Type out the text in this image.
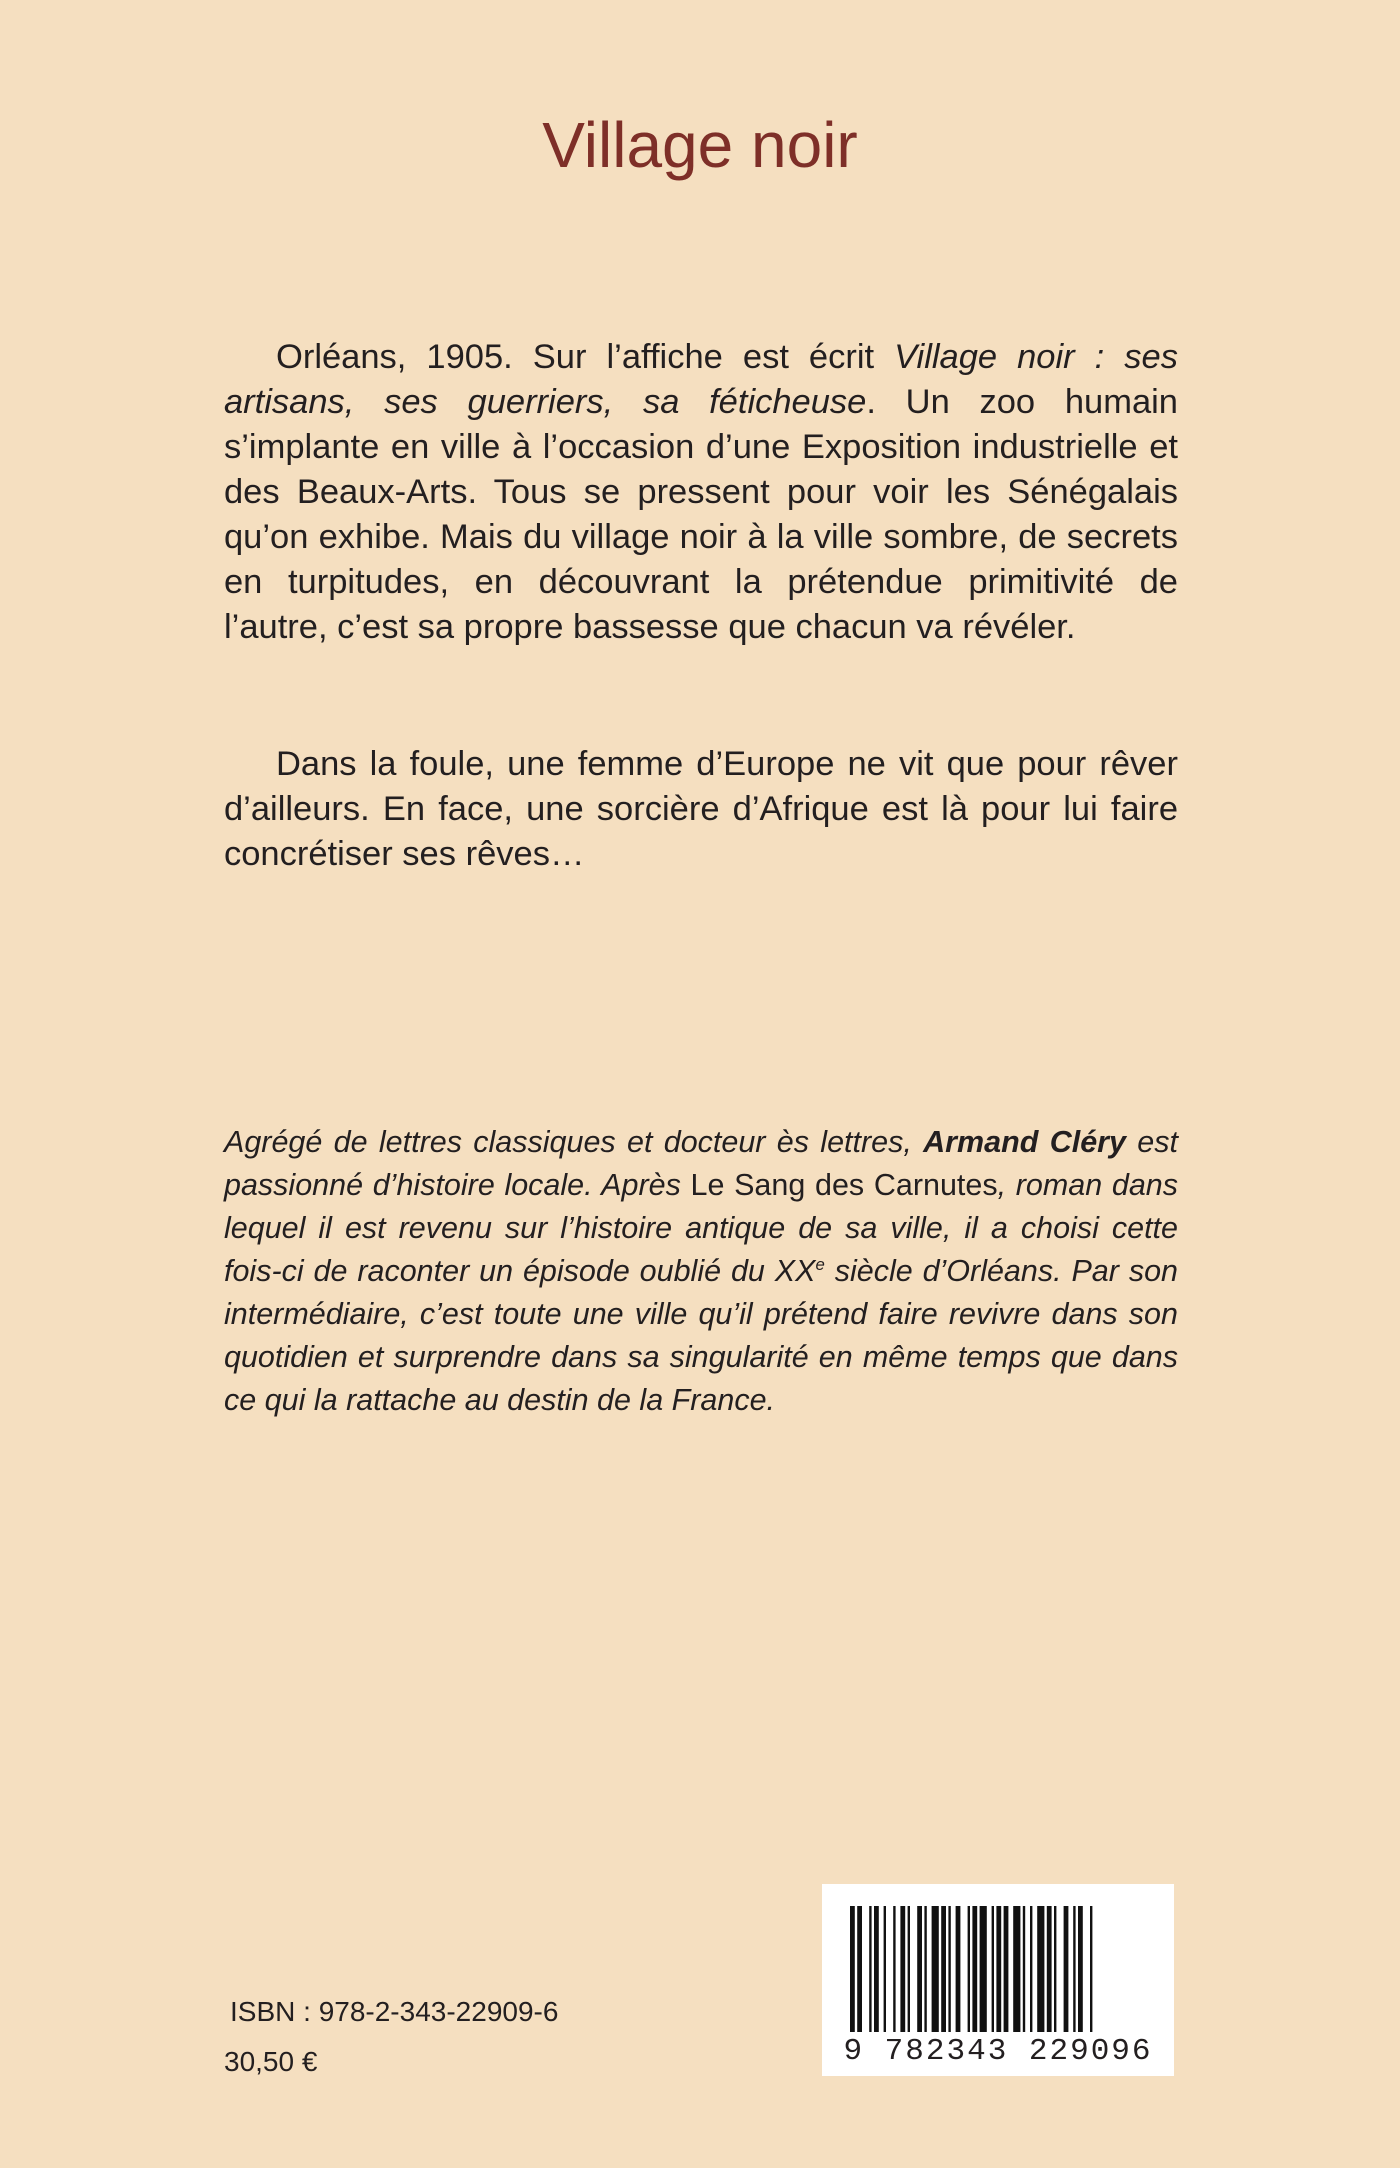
Village noir

Orléans, 1905. Sur l’affiche est écrit Village noir : ses artisans, ses guerriers, sa féticheuse. Un zoo humain s’implante en ville à l’occasion d’une Exposition industrielle et des Beaux-Arts. Tous se pressent pour voir les Sénégalais qu’on exhibe. Mais du village noir à la ville sombre, de secrets en turpitudes, en découvrant la prétendue primitivité de l’autre, c’est sa propre bassesse que chacun va révéler.

Dans la foule, une femme d’Europe ne vit que pour rêver d’ailleurs. En face, une sorcière d’Afrique est là pour lui faire concrétiser ses rêves…

Agrégé de lettres classiques et docteur ès lettres, Armand Cléry est passionné d’histoire locale. Après Le Sang des Carnutes, roman dans lequel il est revenu sur l’histoire antique de sa ville, il a choisi cette fois-ci de raconter un épisode oublié du XXe siècle d’Orléans. Par son intermédiaire, c’est toute une ville qu’il prétend faire revivre dans son quotidien et surprendre dans sa singularité en même temps que dans ce qui la rattache au destin de la France.

ISBN : 978-2-343-22909-6

30,50 €	9 782343 229096
